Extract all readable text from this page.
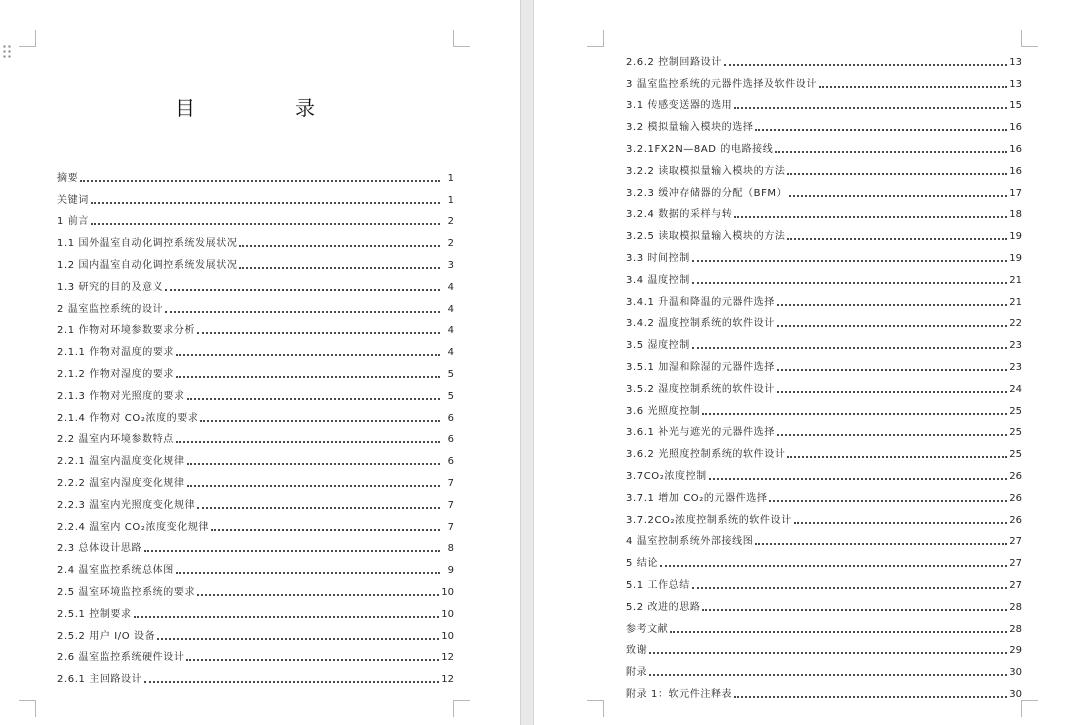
目　录
摘要	1
关键词	1
1 前言	2
1.1 国外温室自动化调控系统发展状况	2
1.2 国内温室自动化调控系统发展状况	3
1.3 研究的目的及意义	4
2 温室监控系统的设计	4
2.1 作物对环境参数要求分析	4
2.1.1 作物对温度的要求	4
2.1.2 作物对湿度的要求	5
2.1.3 作物对光照度的要求	5
2.1.4 作物对 CO₂浓度的要求	6
2.2 温室内环境参数特点	6
2.2.1 温室内温度变化规律	6
2.2.2 温室内湿度变化规律	7
2.2.3 温室内光照度变化规律	7
2.2.4 温室内 CO₂浓度变化规律	7
2.3 总体设计思路	8
2.4 温室监控系统总体图	9
2.5 温室环境监控系统的要求	10
2.5.1 控制要求	10
2.5.2 用户 I/O 设备	10
2.6 温室监控系统硬件设计	12
2.6.1 主回路设计	12
2.6.2 控制回路设计	13
3 温室监控系统的元器件选择及软件设计	13
3.1 传感变送器的选用	15
3.2 模拟量输入模块的选择	16
3.2.1FX2N—8AD 的电路接线	16
3.2.2 读取模拟量输入模块的方法	16
3.2.3 缓冲存储器的分配（BFM）	17
3.2.4 数据的采样与转	18
3.2.5 读取模拟量输入模块的方法	19
3.3 时间控制	19
3.4 温度控制	21
3.4.1 升温和降温的元器件选择	21
3.4.2 温度控制系统的软件设计	22
3.5 湿度控制	23
3.5.1 加湿和除湿的元器件选择	23
3.5.2 湿度控制系统的软件设计	24
3.6 光照度控制	25
3.6.1 补光与遮光的元器件选择	25
3.6.2 光照度控制系统的软件设计	25
3.7CO₂浓度控制	26
3.7.1 增加 CO₂的元器件选择	26
3.7.2CO₂浓度控制系统的软件设计	26
4 温室控制系统外部接线图	27
5 结论	27
5.1 工作总结	27
5.2 改进的思路	28
参考文献	28
致谢	29
附录	30
附录 1：软元件注释表	30
